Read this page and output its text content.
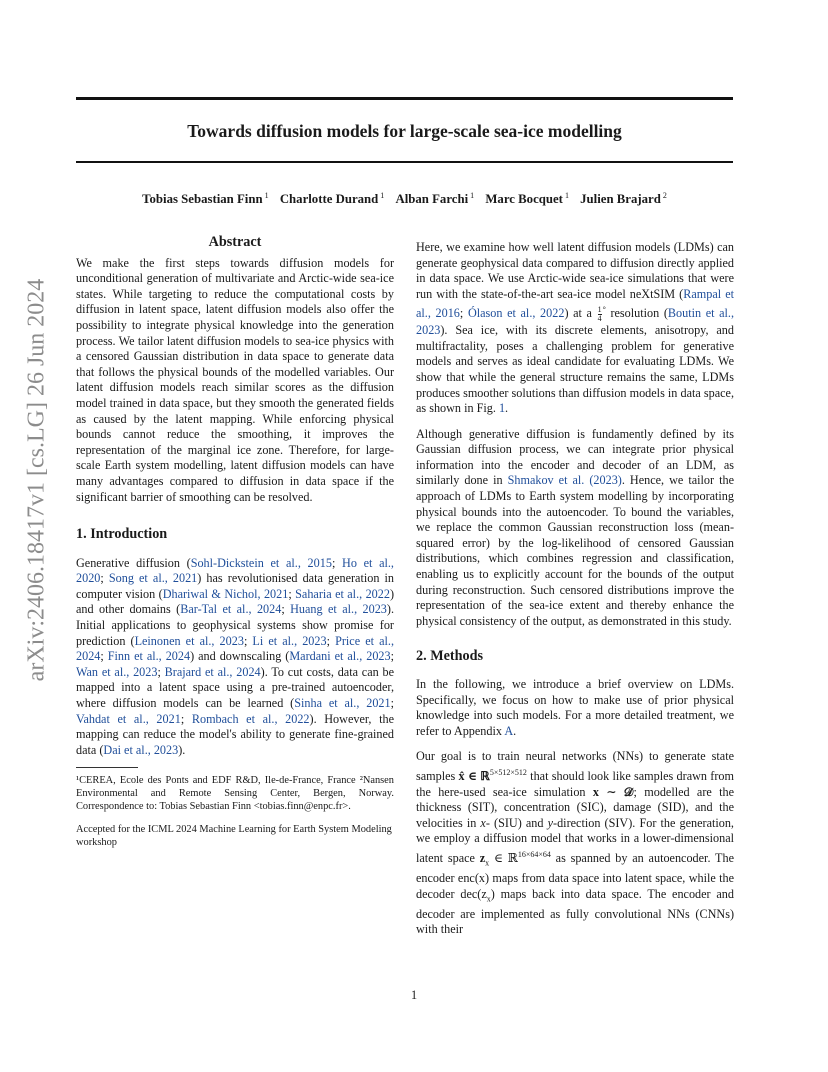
Towards diffusion models for large-scale sea-ice modelling
Tobias Sebastian Finn $^1$ Charlotte Durand $^1$ Alban Farchi $^1$ Marc Bocquet $^1$ Julien Brajard $^2$
arXiv:2406.18417v1 [cs.LG] 26 Jun 2024
Abstract

We make the first steps towards diffusion models for unconditional generation of multivariate and Arctic-wide sea-ice states. While targeting to reduce the computational costs by diffusion in latent space, latent diffusion models also offer the possibility to integrate physical knowledge into the generation process. We tailor latent diffusion models to sea-ice physics with a censored Gaussian distribution in data space to generate data that follows the physical bounds of the modelled variables. Our latent diffusion models reach similar scores as the diffusion model trained in data space, but they smooth the generated fields as caused by the latent mapping. While enforcing physical bounds cannot reduce the smoothing, it improves the representation of the marginal ice zone. Therefore, for large-scale Earth system modelling, latent diffusion models can have many advantages compared to diffusion in data space if the significant barrier of smoothing can be resolved.

1. Introduction

Generative diffusion (Sohl-Dickstein et al., 2015; Ho et al., 2020; Song et al., 2021) has revolutionised data generation in computer vision (Dhariwal & Nichol, 2021; Saharia et al., 2022) and other domains (Bar-Tal et al., 2024; Huang et al., 2023). Initial applications to geophysical systems show promise for prediction (Leinonen et al., 2023; Li et al., 2023; Price et al., 2024; Finn et al., 2024) and downscaling (Mardani et al., 2023; Wan et al., 2023; Brajard et al., 2024). To cut costs, data can be mapped into a latent space using a pre-trained autoencoder, where diffusion models can be learned (Sinha et al., 2021; Vahdat et al., 2021; Rombach et al., 2022). However, the mapping can reduce the model's ability to generate fine-grained data (Dai et al., 2023).

¹CEREA, Ecole des Ponts and EDF R&D, Ile-de-France, France ²Nansen Environmental and Remote Sensing Center, Bergen, Norway. Correspondence to: Tobias Sebastian Finn <tobias.finn@enpc.fr>.

Accepted for the ICML 2024 Machine Learning for Earth System Modeling workshop

Here, we examine how well latent diffusion models (LDMs) can generate geophysical data compared to diffusion directly applied in data space. We use Arctic-wide sea-ice simulations that were run with the state-of-the-art sea-ice model neXtSIM (Rampal et al., 2016; Ólason et al., 2022) at a $\frac{1}{4} ^\circ$ resolution (Boutin et al., 2023). Sea ice, with its discrete elements, anisotropy, and multifractality, poses a challenging problem for generative models and serves as ideal candidate for evaluating LDMs. We show that while the general structure remains the same, LDMs produces smoother solutions than diffusion models in data space, as shown in Fig. 1.

Although generative diffusion is fundamently defined by its Gaussian diffusion process, we can integrate prior physical information into the encoder and decoder of an LDM, as similarly done in Shmakov et al. (2023). Hence, we tailor the approach of LDMs to Earth system modelling by incorporating physical bounds into the autoencoder. To bound the variables, we replace the common Gaussian reconstruction loss (mean-squared error) by the log-likelihood of censored Gaussian distributions, which combines regression and classification, enabling us to explicitly account for the bounds of the output during reconstruction. Such censored distributions improve the representation of the sea-ice extent and thereby enhance the physical consistency of the output, as demonstrated in this study.

2. Methods

In the following, we introduce a brief overview on LDMs. Specifically, we focus on how to make use of prior physical knowledge into such models. For a more detailed treatment, we refer to Appendix A.

Our goal is to train neural networks (NNs) to generate state samples x̂ ∈ ℝ$^{5\times 512\times 512}$ that should look like samples drawn from the here-used sea-ice simulation x ∼ 𝒟; modelled are the thickness (SIT), concentration (SIC), damage (SID), and the velocities in x- (SIU) and y-direction (SIV). For the generation, we employ a diffusion model that works in a lower-dimensional latent space $z_x$ ∈ ℝ$^{16\times 64\times 64}$ as spanned by an autoencoder. The encoder enc(x) maps from data space into latent space, while the decoder $dec(z_x)$ maps back into data space. The encoder and decoder are implemented as fully convolutional NNs (CNNs) with their

1
